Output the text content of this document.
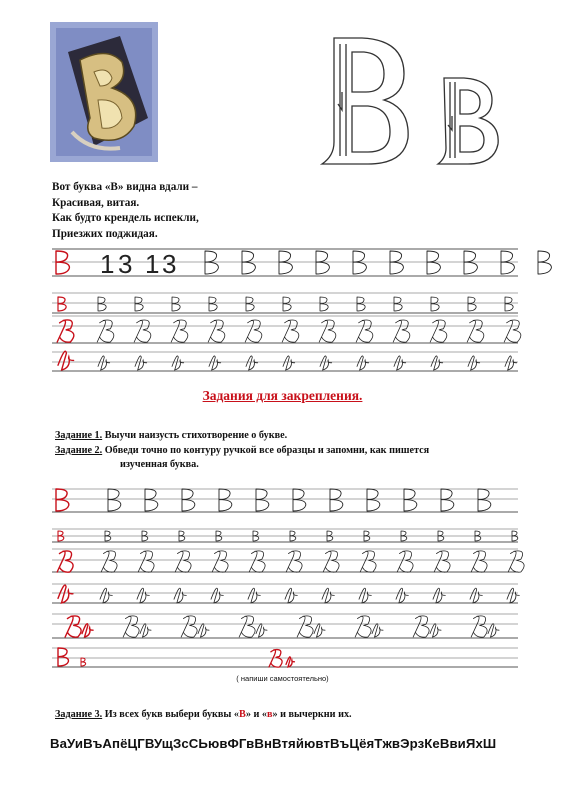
Вот буква «В» видна вдали –
Красивая, витая.
Как будто крендель испекли,
Приезжих поджидая.
1 3 1 3
Задания для закрепления.
Задание 1. Выучи наизусть стихотворение о букве.
Задание 2. Обведи точно по контуру ручкой все образцы и запомни, как пишется
изученная буква.
( напиши самостоятельно)
Задание 3. Из всех букв выбери буквы «В» и «в» и вычеркни их.
ВаУиВъАпёЦГВУщЗсСЬювФГвВнВтяйювтВъЦёяТжвЭрзКеВвиЯхШ
